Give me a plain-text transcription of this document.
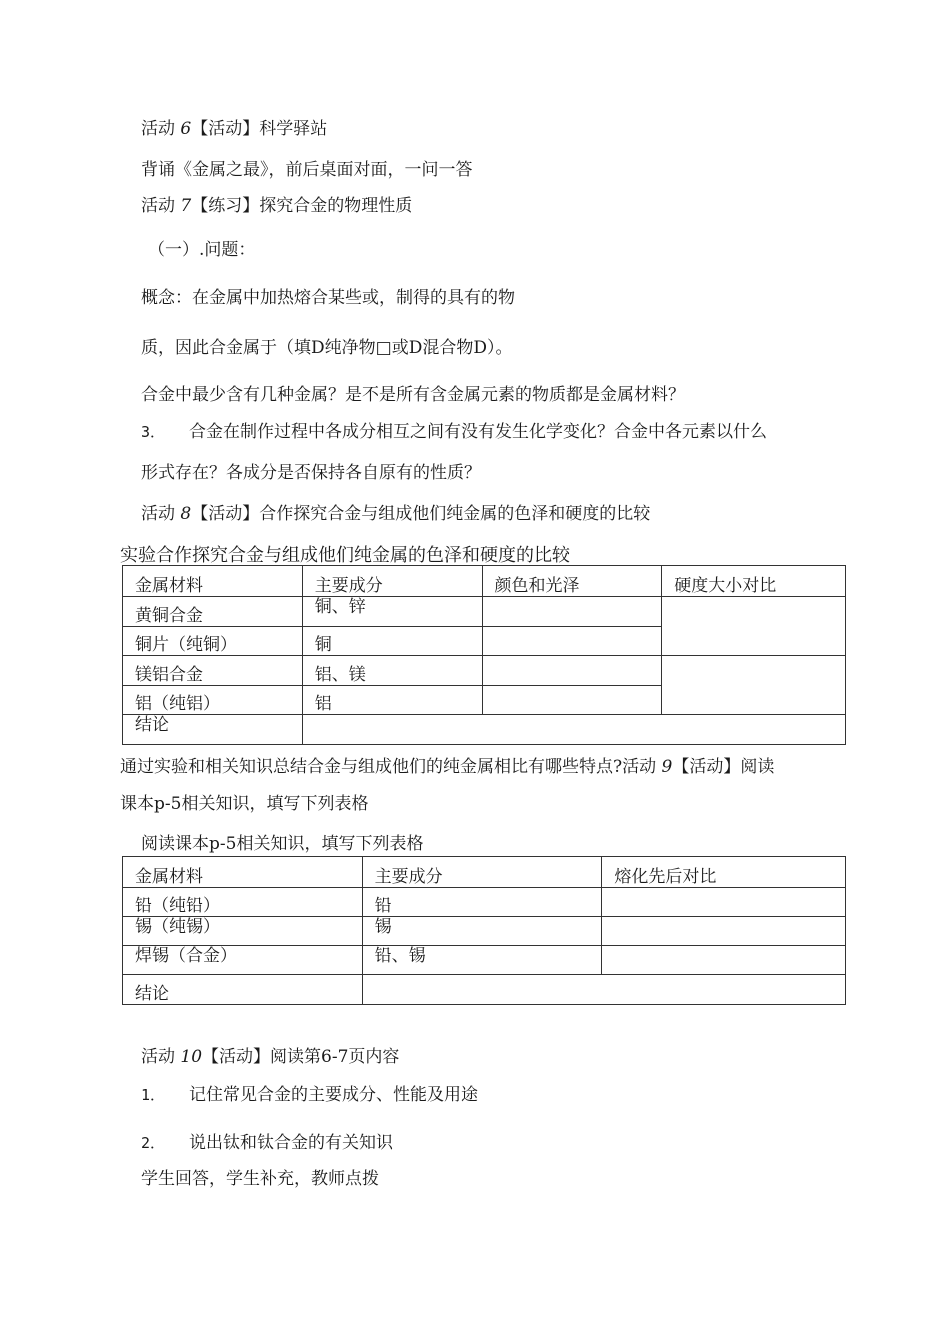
活动 6【活动】科学驿站
背诵《金属之最》，前后桌面对面，一问一答
活动 7【练习】探究合金的物理性质
（一）.问题：
概念：在金属中加热熔合某些或，制得的具有的物
质，因此合金属于（填D纯净物□或D混合物D）。
合金中最少含有几种金属？是不是所有含金属元素的物质都是金属材料？
3． 合金在制作过程中各成分相互之间有没有发生化学变化？合金中各元素以什么
形式存在？各成分是否保持各自原有的性质？
活动 8【活动】合作探究合金与组成他们纯金属的色泽和硬度的比较
实验合作探究合金与组成他们纯金属的色泽和硬度的比较
金属材料	主要成分	颜色和光泽	硬度大小对比
黄铜合金	铜、锌		
铜片（纯铜）	铜		
镁铝合金	铝、镁		
铝（纯铝）	铝		
结论			
通过实验和相关知识总结合金与组成他们的纯金属相比有哪些特点?活动 9【活动】阅读
课本p-5相关知识，填写下列表格
阅读课本p-5相关知识，填写下列表格
金属材料	主要成分	熔化先后对比
铅（纯铅）	铅	
锡（纯锡）	锡	
焊锡（合金）	铅、锡	
结论		
活动 10【活动】阅读第6-7页内容
1． 记住常见合金的主要成分、性能及用途
2． 说出钛和钛合金的有关知识
学生回答，学生补充，教师点拨
